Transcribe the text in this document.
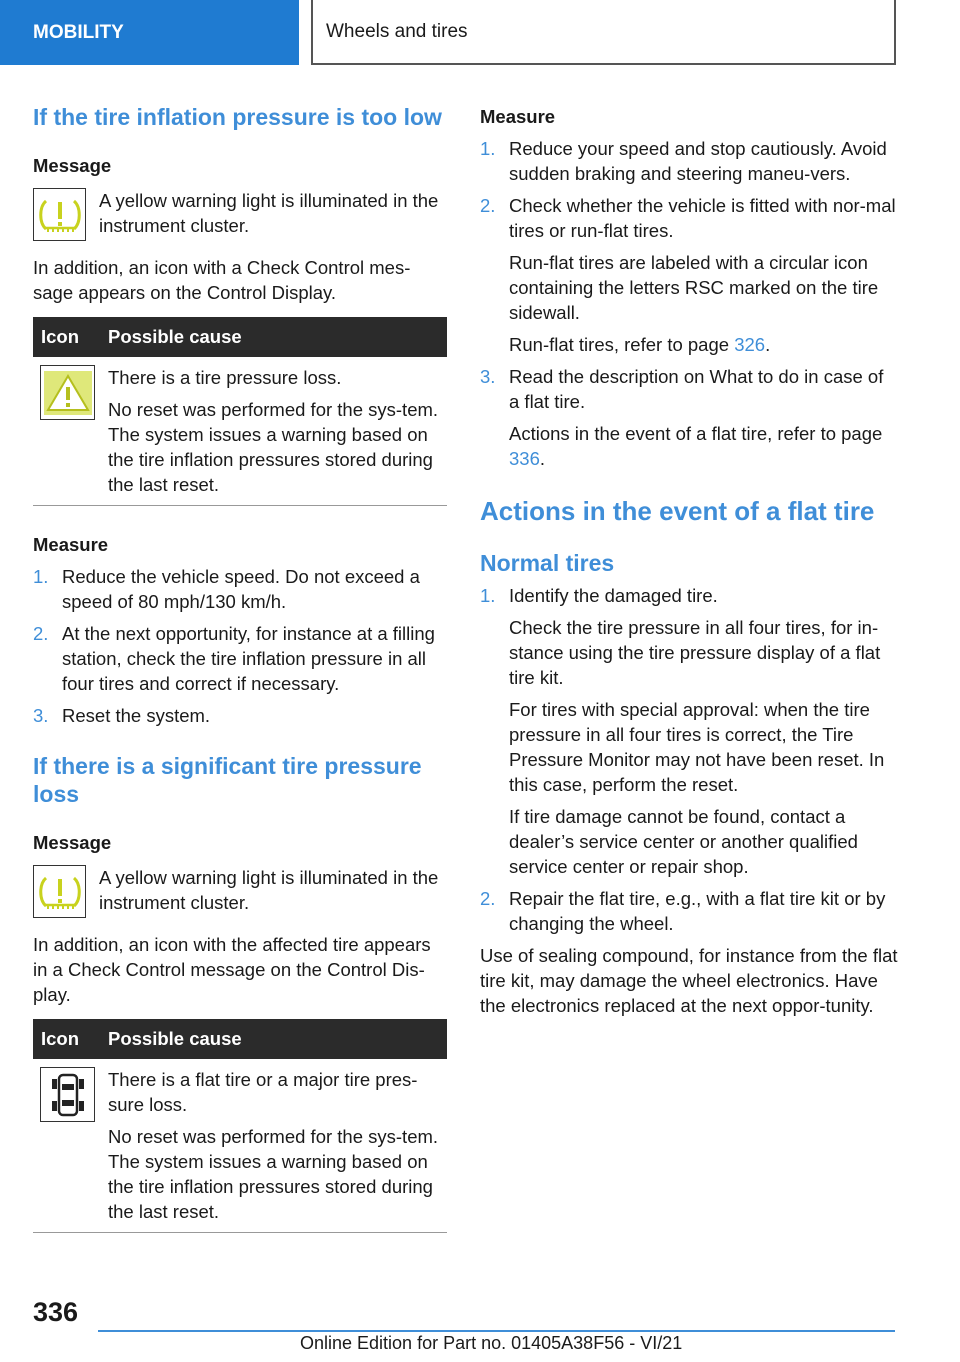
MOBILITY	Wheels and tires
If the tire inflation pressure is too low
Message

A yellow warning light is illuminated in the instrument cluster.

In addition, an icon with a Check Control mes-sage appears on the Control Display.

Icon	Possible cause

There is a tire pressure loss.

No reset was performed for the sys-tem. The system issues a warning based on the tire inflation pressures stored during the last reset.

Measure
1. Reduce the vehicle speed. Do not exceed a speed of 80 mph/130 km/h.

2. At the next opportunity, for instance at a filling station, check the tire inflation pressure in all four tires and correct if necessary.

3. Reset the system.

If there is a significant tire pressure loss
Message

A yellow warning light is illuminated in the instrument cluster.

In addition, an icon with the affected tire appears in a Check Control message on the Control Dis-play.

Icon	Possible cause

There is a flat tire or a major tire pres-sure loss.

No reset was performed for the sys-tem. The system issues a warning based on the tire inflation pressures stored during the last reset.

Measure
1. Reduce your speed and stop cautiously. Avoid sudden braking and steering maneu-vers.

2. Check whether the vehicle is fitted with nor-mal tires or run-flat tires.

Run-flat tires are labeled with a circular icon containing the letters RSC marked on the tire sidewall.

Run-flat tires, refer to page 326.

3. Read the description on What to do in case of a flat tire.

Actions in the event of a flat tire, refer to page 336.

Actions in the event of a flat tire
Normal tires
1. Identify the damaged tire.

Check the tire pressure in all four tires, for in-stance using the tire pressure display of a flat tire kit.

For tires with special approval: when the tire pressure in all four tires is correct, the Tire Pressure Monitor may not have been reset. In this case, perform the reset.

If tire damage cannot be found, contact a dealer’s service center or another qualified service center or repair shop.

2. Repair the flat tire, e.g., with a flat tire kit or by changing the wheel.

Use of sealing compound, for instance from the flat tire kit, may damage the wheel electronics. Have the electronics replaced at the next oppor-tunity.

336
Online Edition for Part no. 01405A38F56 - VI/21
